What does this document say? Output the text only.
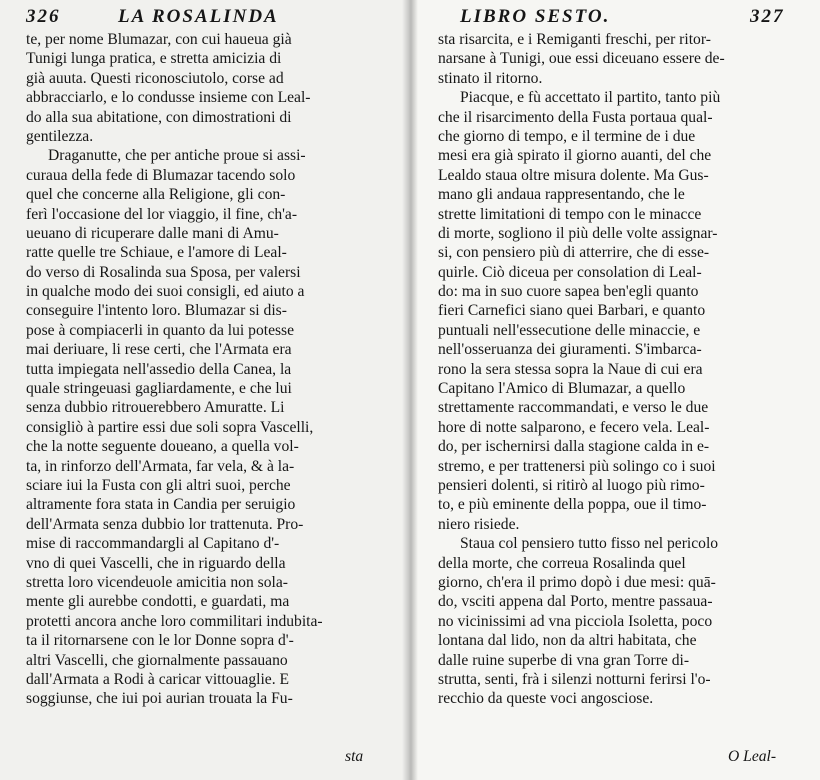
326	LA ROSALINDA
te, per nome Blumazar, con cui haueua già
Tunigi lunga pratica, e stretta amicizia di
già auuta. Questi riconosciutolo, corse ad
abbracciarlo, e lo condusse insieme con Leal-
do alla sua abitatione, con dimostrationi di
gentilezza.
Draganutte, che per antiche proue si assi-
curaua della fede di Blumazar tacendo solo
quel che concerne alla Religione, gli con-
ferì l'occasione del lor viaggio, il fine, ch'a-
ueuano di ricuperare dalle mani di Amu-
ratte quelle tre Schiaue, e l'amore di Leal-
do verso di Rosalinda sua Sposa, per valersi
in qualche modo dei suoi consigli, ed aiuto a
conseguire l'intento loro. Blumazar si dis-
pose à compiacerli in quanto da lui potesse
mai deriuare, li rese certi, che l'Armata era
tutta impiegata nell'assedio della Canea, la
quale stringeuasi gagliardamente, e che lui
senza dubbio ritrouerebbero Amuratte. Li
consigliò à partire essi due soli sopra Vascelli,
che la notte seguente doueano, a quella vol-
ta, in rinforzo dell'Armata, far vela, & à la-
sciare iui la Fusta con gli altri suoi, perche
altramente fora stata in Candia per seruigio
dell'Armata senza dubbio lor trattenuta. Pro-
mise di raccommandargli al Capitano d'-
vno di quei Vascelli, che in riguardo della
stretta loro vicendeuole amicitia non sola-
mente gli aurebbe condotti, e guardati, ma
protetti ancora anche loro commilitari indubita-
ta il ritornarsene con le lor Donne sopra d'-
altri Vascelli, che giornalmente passauano
dall'Armata a Rodi à caricar vittouaglie. E
soggiunse, che iui poi aurian trouata la Fu-
sta
LIBRO SESTO.	327
sta risarcita, e i Remiganti freschi, per ritor-
narsane à Tunigi, oue essi diceuano essere de-
stinato il ritorno.
Piacque, e fù accettato il partito, tanto più
che il risarcimento della Fusta portaua qual-
che giorno di tempo, e il termine de i due
mesi era già spirato il giorno auanti, del che
Lealdo staua oltre misura dolente. Ma Gus-
mano gli andaua rappresentando, che le
strette limitationi di tempo con le minacce
di morte, sogliono il più delle volte assignar-
si, con pensiero più di atterrire, che di esse-
quirle. Ciò diceua per consolation di Leal-
do: ma in suo cuore sapea ben'egli quanto
fieri Carnefici siano quei Barbari, e quanto
puntuali nell'essecutione delle minaccie, e
nell'osseruanza dei giuramenti. S'imbarca-
rono la sera stessa sopra la Naue di cui era
Capitano l'Amico di Blumazar, a quello
strettamente raccommandati, e verso le due
hore di notte salparono, e fecero vela. Leal-
do, per ischernirsi dalla stagione calda in e-
stremo, e per trattenersi più solingo co i suoi
pensieri dolenti, si ritirò al luogo più rimo-
to, e più eminente della poppa, oue il timo-
niero risiede.
Staua col pensiero tutto fisso nel pericolo
della morte, che correua Rosalinda quel
giorno, ch'era il primo dopò i due mesi: quā-
do, vsciti appena dal Porto, mentre passaua-
no vicinissimi ad vna picciola Isoletta, poco
lontana dal lido, non da altri habitata, che
dalle ruine superbe di vna gran Torre di-
strutta, senti, frà i silenzi notturni ferirsi l'o-
recchio da queste voci angosciose.
O Leal-
